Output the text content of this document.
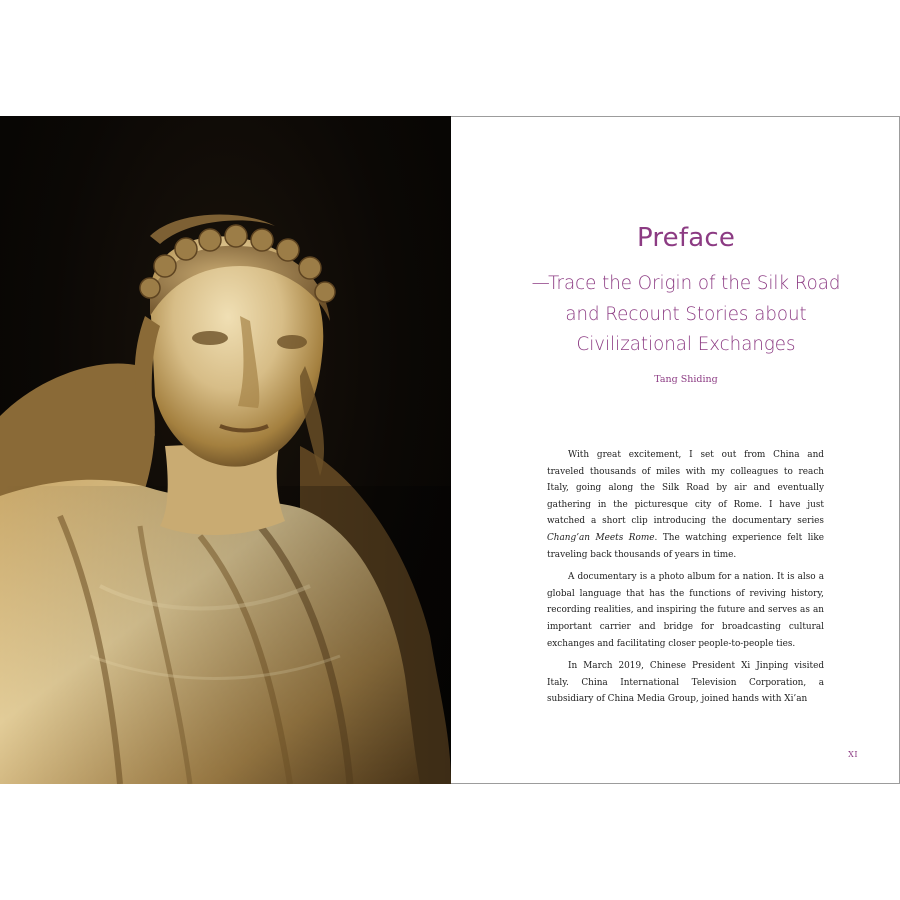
Preface

—Trace the Origin of the Silk Road and Recount Stories about Civilizational Exchanges

Tang Shiding

With great excitement, I set out from China and traveled thousands of miles with my colleagues to reach Italy, going along the Silk Road by air and eventually gathering in the picturesque city of Rome. I have just watched a short clip introducing the documentary series Chang’an Meets Rome. The watching experience felt like traveling back thousands of years in time.

A documentary is a photo album for a nation. It is also a global language that has the functions of reviving history, recording realities, and inspiring the future and serves as an important carrier and bridge for broadcasting cultural exchanges and facilitating closer people-to-people ties.

In March 2019, Chinese President Xi Jinping visited Italy. China International Television Corporation, a subsidiary of China Media Group, joined hands with Xi’an

XI
